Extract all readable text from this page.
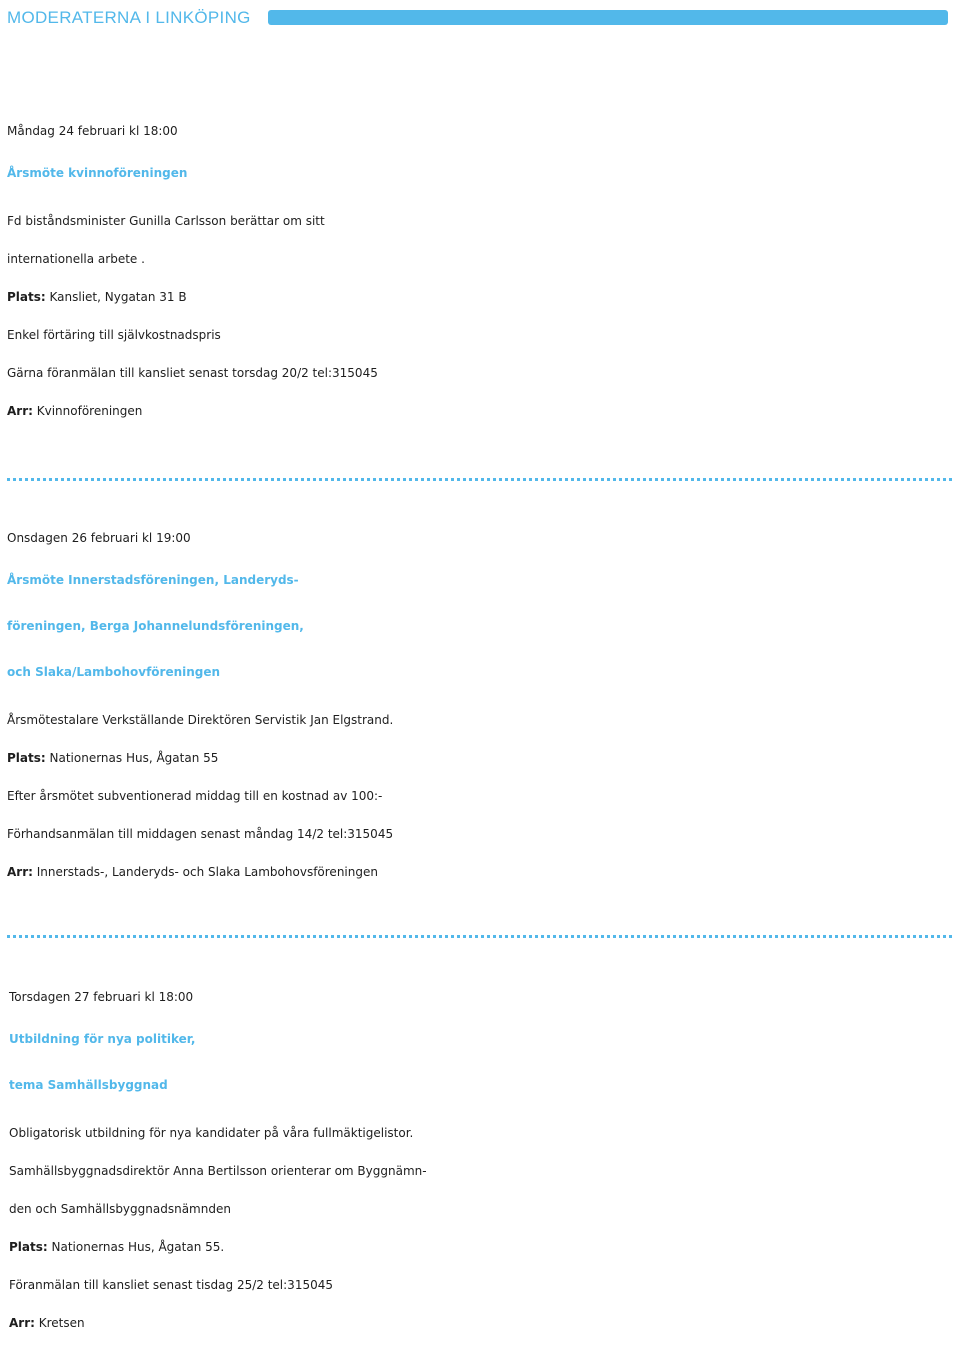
MODERATERNA I LINKÖPING
Måndag 24 februari kl 18:00
Årsmöte kvinnoföreningen
Fd biståndsminister Gunilla Carlsson berättar om sitt
internationella arbete .
Plats: Kansliet, Nygatan 31 B
Enkel förtäring till självkostnadspris
Gärna föranmälan till kansliet senast torsdag 20/2 tel:315045
Arr: Kvinnoföreningen
Onsdagen 26 februari kl 19:00
Årsmöte Innerstadsföreningen, Landeryds-
föreningen, Berga Johannelundsföreningen,
och Slaka/Lambohovföreningen
Årsmötestalare Verkställande Direktören Servistik Jan Elgstrand.
Plats: Nationernas Hus, Ågatan 55
Efter årsmötet subventionerad middag till en kostnad av 100:-
Förhandsanmälan till middagen senast måndag 14/2 tel:315045
Arr: Innerstads-, Landeryds- och Slaka Lambohovsföreningen
Torsdagen 27 februari kl 18:00
Utbildning för nya politiker,
tema Samhällsbyggnad
Obligatorisk utbildning för nya kandidater på våra fullmäktigelistor.
Samhällsbyggnadsdirektör Anna Bertilsson orienterar om Byggnämn-
den och Samhällsbyggnadsnämnden
Plats: Nationernas Hus, Ågatan 55.
Föranmälan till kansliet senast tisdag 25/2 tel:315045
Arr: Kretsen
